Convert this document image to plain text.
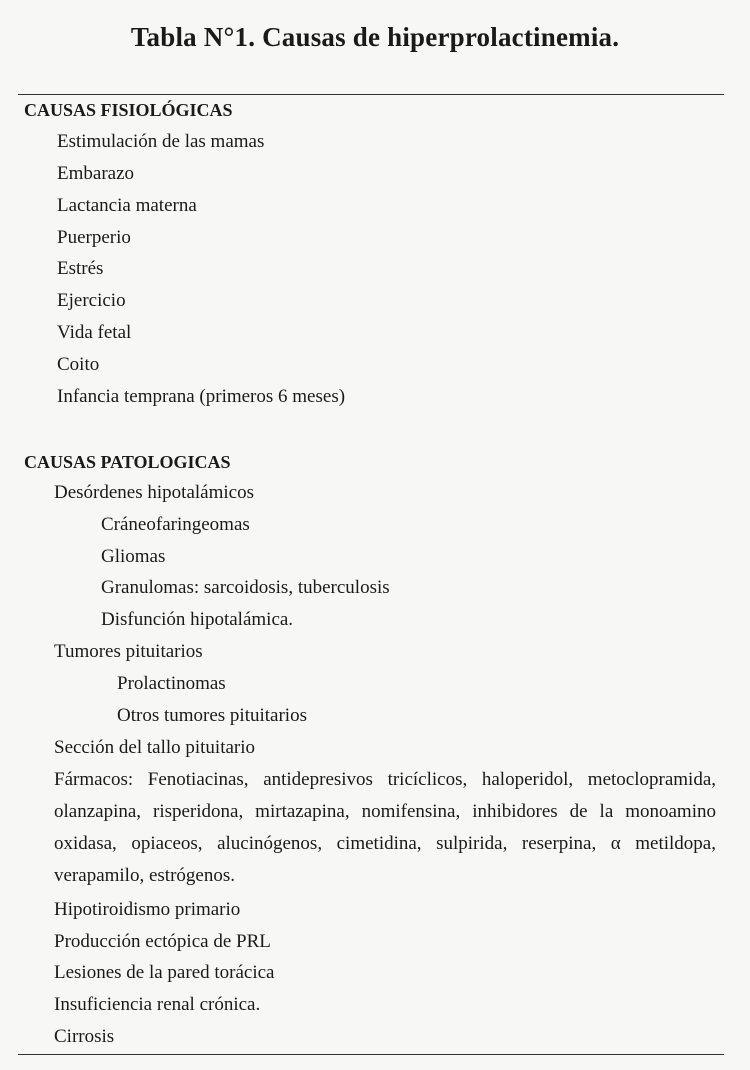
Tabla N°1. Causas de hiperprolactinemia.
CAUSAS FISIOLÓGICAS
Estimulación de las mamas
Embarazo
Lactancia materna
Puerperio
Estrés
Ejercicio
Vida fetal
Coito
Infancia temprana (primeros 6 meses)
CAUSAS PATOLOGICAS
Desórdenes hipotalámicos
Cráneofaringeomas
Gliomas
Granulomas: sarcoidosis, tuberculosis
Disfunción hipotalámica.
Tumores pituitarios
Prolactinomas
Otros tumores pituitarios
Sección del tallo pituitario
Fármacos: Fenotiacinas, antidepresivos tricíclicos, haloperidol, metoclopramida, olanzapina, risperidona, mirtazapina, nomifensina, inhibidores de la monoamino oxidasa, opiaceos, alucinógenos, cimetidina, sulpirida, reserpina, α metildopa, verapamilo, estrógenos.
Hipotiroidismo primario
Producción ectópica de PRL
Lesiones de la pared torácica
Insuficiencia renal crónica.
Cirrosis
